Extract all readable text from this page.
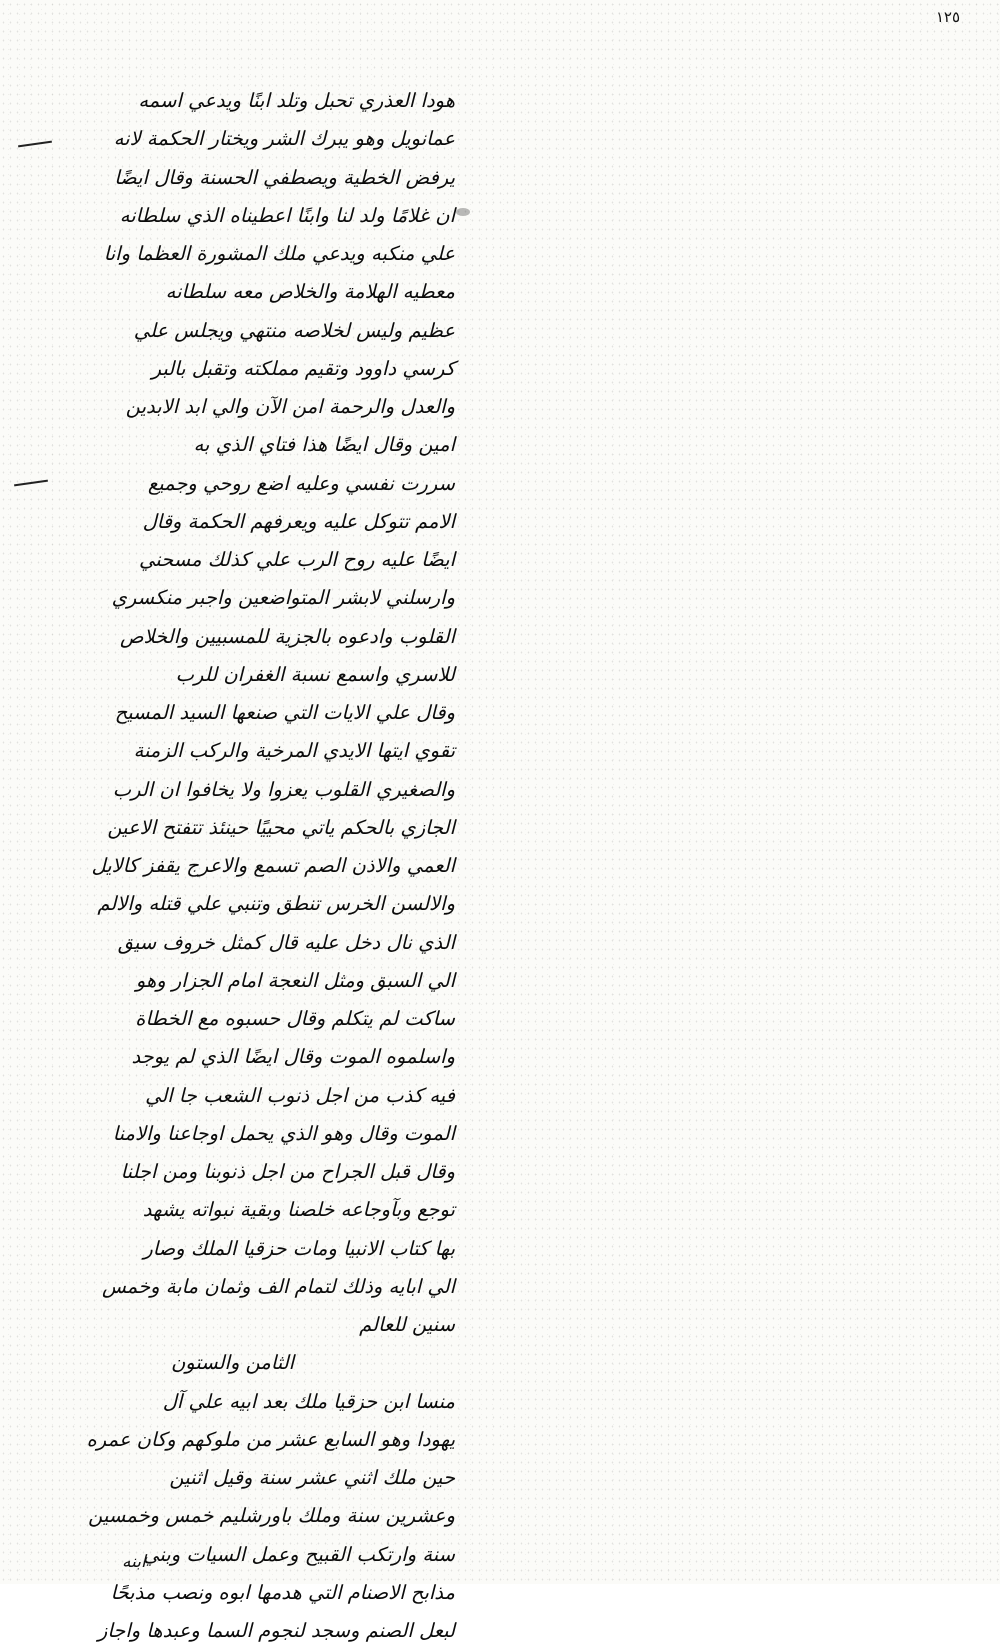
١٢٥
هودا العذري تحبل وتلد ابنًا ويدعي اسمه
عمانويل وهو يبرك الشر ويختار الحكمة لانه
يرفض الخطية ويصطفي الحسنة وقال ايضًا
ان غلامًا ولد لنا وابنًا اعطيناه الذي سلطانه
علي منكبه ويدعي ملك المشورة العظما وانا
معطيه الهلامة والخلاص معه سلطانه
عظيم وليس لخلاصه منتهي ويجلس علي
كرسي داوود وتقيم مملكته وتقبل بالبر
والعدل والرحمة امن الآن والي ابد الابدين
امين وقال ايضًا هذا فتاي الذي به
سررت نفسي وعليه اضع روحي وجميع
الامم تتوكل عليه ويعرفهم الحكمة وقال
ايضًا عليه روح الرب علي كذلك مسحني
وارسلني لابشر المتواضعين واجبر منكسري
القلوب وادعوه بالجزية للمسبيين والخلاص
للاسري واسمع نسبة الغفران للرب
وقال علي الايات التي صنعها السيد المسيح
تقوي ايتها الايدي المرخية والركب الزمنة
والصغيري القلوب يعزوا ولا يخافوا ان الرب
الجازي بالحكم ياتي محييًا حينئذ تتفتح الاعين
العمي والاذن الصم تسمع والاعرج يقفز كالايل
والالسن الخرس تنطق وتنبي علي قتله والالم
الذي نال دخل عليه قال كمثل خروف سيق
الي السبق ومثل النعجة امام الجزار وهو
ساكت لم يتكلم وقال حسبوه مع الخطاة
واسلموه الموت وقال ايضًا الذي لم يوجد
فيه كذب من اجل ذنوب الشعب جا الي
الموت وقال وهو الذي يحمل اوجاعنا والامنا
وقال قبل الجراح من اجل ذنوبنا ومن اجلنا
توجع وبآوجاعه خلصنا وبقية نبواته يشهد
بها كتاب الانبيا ومات حزقيا الملك وصار
الي ابايه وذلك لتمام الف وثمان مابة وخمس
سنين للعالم
الثامن والستون
منسا ابن حزقيا ملك بعد ابيه علي آل
يهودا وهو السابع عشر من ملوكهم وكان عمره
حين ملك اثني عشر سنة وقيل اثنين
وعشرين سنة وملك باورشليم خمس وخمسين
سنة وارتكب القبيح وعمل السيات وبني
مذابح الاصنام التي هدمها ابوه ونصب مذبحًا
لبعل الصنم وسجد لنجوم السما وعبدها واجاز
ابنه
